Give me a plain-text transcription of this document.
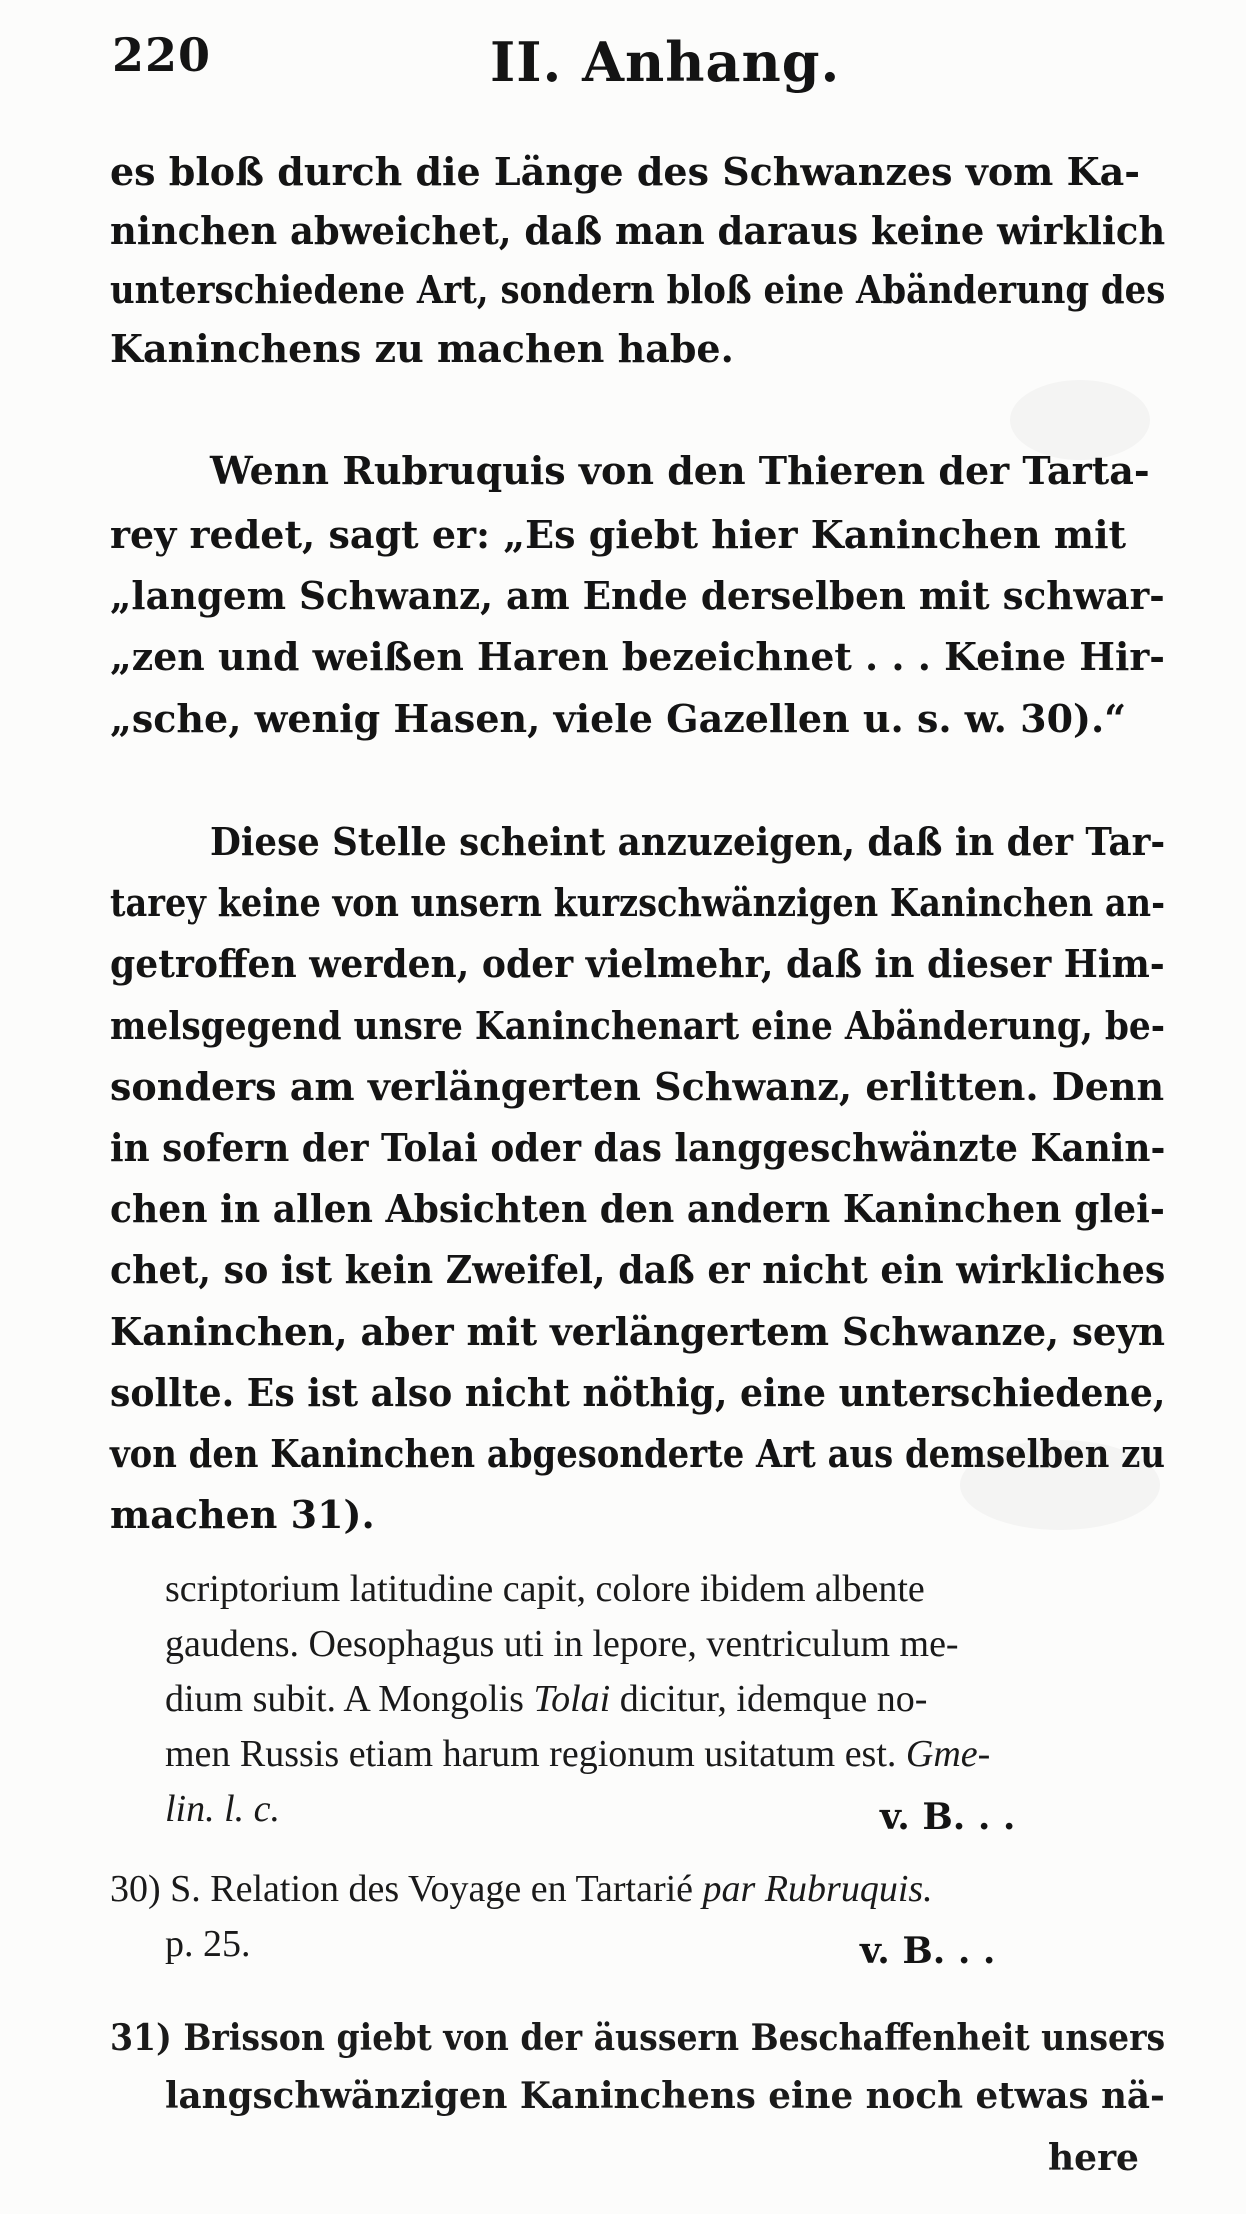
220	II. Anhang.
es bloß durch die Länge des Schwanzes vom Ka-
ninchen abweichet, daß man daraus keine wirklich
unterschiedene Art, sondern bloß eine Abänderung des
Kaninchens zu machen habe.
Wenn Rubruquis von den Thieren der Tarta-
rey redet, sagt er: „Es giebt hier Kaninchen mit
„langem Schwanz, am Ende derselben mit schwar-
„zen und weißen Haren bezeichnet . . . Keine Hir-
„sche, wenig Hasen, viele Gazellen u. s. w. 30).“
Diese Stelle scheint anzuzeigen, daß in der Tar-
tarey keine von unsern kurzschwänzigen Kaninchen an-
getroffen werden, oder vielmehr, daß in dieser Him-
melsgegend unsre Kaninchenart eine Abänderung, be-
sonders am verlängerten Schwanz, erlitten. Denn
in sofern der Tolai oder das langgeschwänzte Kanin-
chen in allen Absichten den andern Kaninchen glei-
chet, so ist kein Zweifel, daß er nicht ein wirkliches
Kaninchen, aber mit verlängertem Schwanze, seyn
sollte. Es ist also nicht nöthig, eine unterschiedene,
von den Kaninchen abgesonderte Art aus demselben zu
machen 31).
scriptorium latitudine capit, colore ibidem albente
gaudens. Oesophagus uti in lepore, ventriculum me-
dium subit. A Mongolis Tolai dicitur, idemque no-
men Russis etiam harum regionum usitatum est. Gme-
lin. l. c.	v. B. . .
30) S. Relation des Voyage en Tartarié par Rubruquis.
p. 25.	v. B. . .
31) Brisson giebt von der äussern Beschaffenheit unsers
langschwänzigen Kaninchens eine noch etwas nä-
here
